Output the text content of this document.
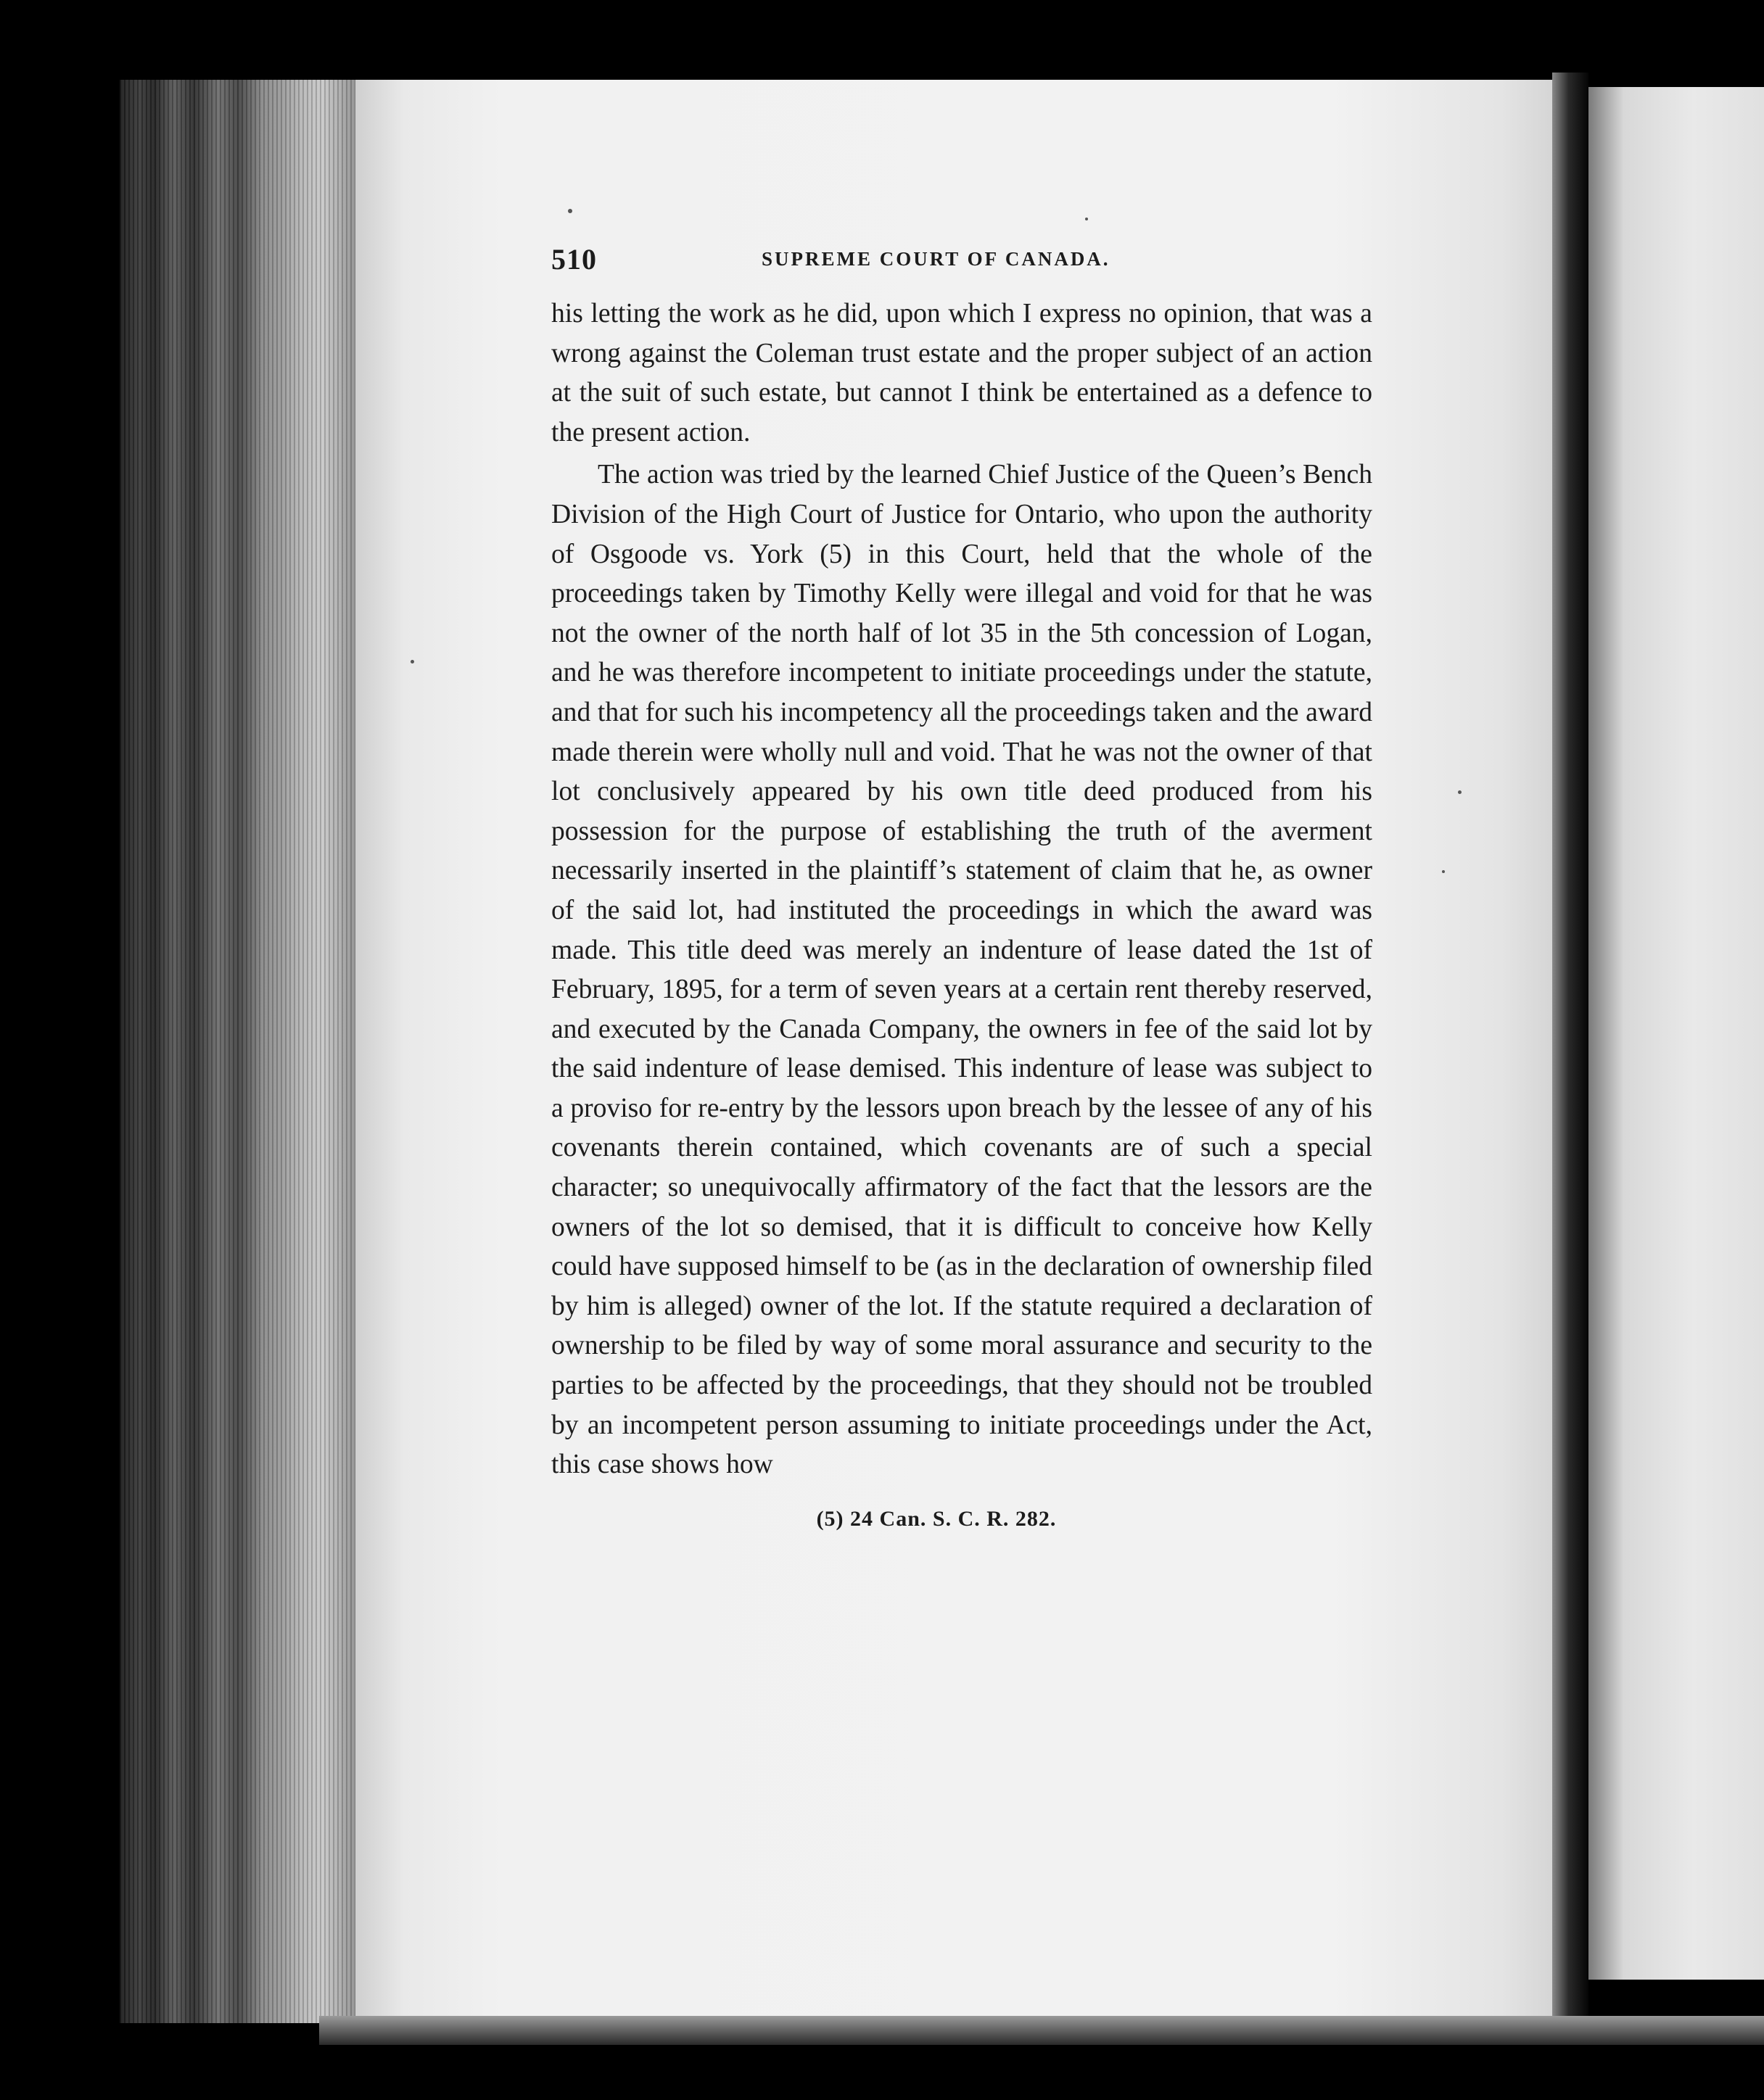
510	SUPREME COURT OF CANADA.

his letting the work as he did, upon which I express no opinion, that was a wrong against the Coleman trust estate and the proper subject of an action at the suit of such estate, but cannot I think be entertained as a defence to the present action.

The action was tried by the learned Chief Justice of the Queen’s Bench Division of the High Court of Justice for Ontario, who upon the authority of Osgoode vs. York (5) in this Court, held that the whole of the proceedings taken by Timothy Kelly were illegal and void for that he was not the owner of the north half of lot 35 in the 5th concession of Logan, and he was therefore incompetent to initiate proceedings under the statute, and that for such his incompetency all the proceedings taken and the award made therein were wholly null and void. That he was not the owner of that lot conclusively appeared by his own title deed produced from his possession for the purpose of establishing the truth of the averment necessarily inserted in the plaintiff’s statement of claim that he, as owner of the said lot, had instituted the proceedings in which the award was made. This title deed was merely an indenture of lease dated the 1st of February, 1895, for a term of seven years at a certain rent thereby reserved, and executed by the Canada Company, the owners in fee of the said lot by the said indenture of lease demised. This indenture of lease was subject to a proviso for re-entry by the lessors upon breach by the lessee of any of his covenants therein contained, which covenants are of such a special character; so unequivocally affirmatory of the fact that the lessors are the owners of the lot so demised, that it is difficult to conceive how Kelly could have supposed himself to be (as in the declaration of ownership filed by him is alleged) owner of the lot. If the statute required a declaration of ownership to be filed by way of some moral assurance and security to the parties to be affected by the proceedings, that they should not be troubled by an incompetent person assuming to initiate proceedings under the Act, this case shows how

(5) 24 Can. S. C. R. 282.
